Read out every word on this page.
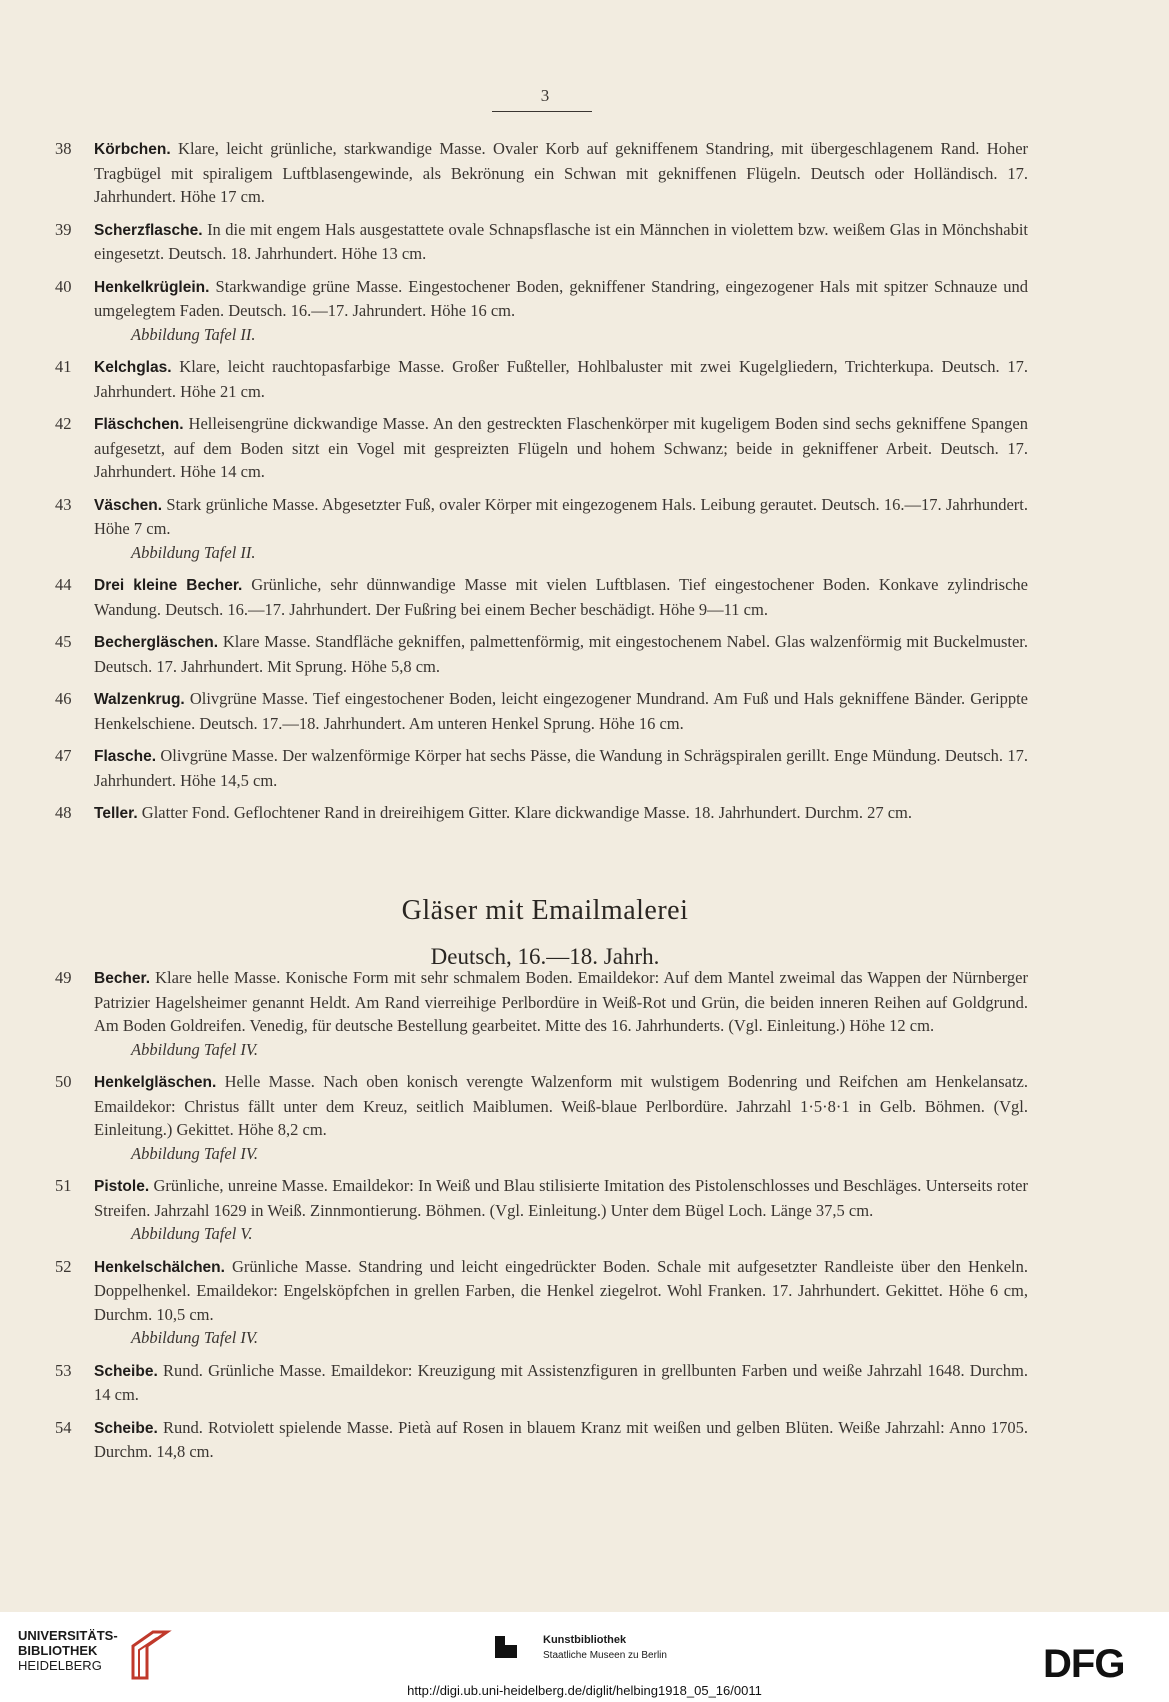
3
38	Körbchen. Klare, leicht grünliche, starkwandige Masse. Ovaler Korb auf gekniffenem Standring, mit übergeschlagenem Rand. Hoher Tragbügel mit spiraligem Luftblasengewinde, als Bekrönung ein Schwan mit gekniffenen Flügeln. Deutsch oder Holländisch. 17. Jahrhundert. Höhe 17 cm.
39	Scherzflasche. In die mit engem Hals ausgestattete ovale Schnapsflasche ist ein Männchen in violettem bzw. weißem Glas in Mönchshabit eingesetzt. Deutsch. 18. Jahrhundert. Höhe 13 cm.
40	Henkelkrüglein. Starkwandige grüne Masse. Eingestochener Boden, gekniffener Standring, eingezogener Hals mit spitzer Schnauze und umgelegtem Faden. Deutsch. 16.—17. Jahrundert. Höhe 16 cm.
Abbildung Tafel II.
41	Kelchglas. Klare, leicht rauchtopasfarbige Masse. Großer Fußteller, Hohlbaluster mit zwei Kugelgliedern, Trichterkupa. Deutsch. 17. Jahrhundert. Höhe 21 cm.
42	Fläschchen. Helleisengrüne dickwandige Masse. An den gestreckten Flaschenkörper mit kugeligem Boden sind sechs gekniffene Spangen aufgesetzt, auf dem Boden sitzt ein Vogel mit gespreizten Flügeln und hohem Schwanz; beide in gekniffener Arbeit. Deutsch. 17. Jahrhundert. Höhe 14 cm.
43	Väschen. Stark grünliche Masse. Abgesetzter Fuß, ovaler Körper mit eingezogenem Hals. Leibung gerautet. Deutsch. 16.—17. Jahrhundert. Höhe 7 cm.
Abbildung Tafel II.
44	Drei kleine Becher. Grünliche, sehr dünnwandige Masse mit vielen Luftblasen. Tief eingestochener Boden. Konkave zylindrische Wandung. Deutsch. 16.—17. Jahrhundert. Der Fußring bei einem Becher beschädigt. Höhe 9—11 cm.
45	Bechergläschen. Klare Masse. Standfläche gekniffen, palmettenförmig, mit eingestochenem Nabel. Glas walzenförmig mit Buckelmuster. Deutsch. 17. Jahrhundert. Mit Sprung. Höhe 5,8 cm.
46	Walzenkrug. Olivgrüne Masse. Tief eingestochener Boden, leicht eingezogener Mundrand. Am Fuß und Hals gekniffene Bänder. Gerippte Henkelschiene. Deutsch. 17.—18. Jahrhundert. Am unteren Henkel Sprung. Höhe 16 cm.
47	Flasche. Olivgrüne Masse. Der walzenförmige Körper hat sechs Pässe, die Wandung in Schrägspiralen gerillt. Enge Mündung. Deutsch. 17. Jahrhundert. Höhe 14,5 cm.
48	Teller. Glatter Fond. Geflochtener Rand in dreireihigem Gitter. Klare dickwandige Masse. 18. Jahrhundert. Durchm. 27 cm.
Gläser mit Emailmalerei
Deutsch, 16.—18. Jahrh.
49	Becher. Klare helle Masse. Konische Form mit sehr schmalem Boden. Emaildekor: Auf dem Mantel zweimal das Wappen der Nürnberger Patrizier Hagelsheimer genannt Heldt. Am Rand vierreihige Perlbordüre in Weiß-Rot und Grün, die beiden inneren Reihen auf Goldgrund. Am Boden Goldreifen. Venedig, für deutsche Bestellung gearbeitet. Mitte des 16. Jahrhunderts. (Vgl. Einleitung.) Höhe 12 cm.
Abbildung Tafel IV.
50	Henkelgläschen. Helle Masse. Nach oben konisch verengte Walzenform mit wulstigem Bodenring und Reifchen am Henkelansatz. Emaildekor: Christus fällt unter dem Kreuz, seitlich Maiblumen. Weiß-blaue Perlbordüre. Jahrzahl 1·5·8·1 in Gelb. Böhmen. (Vgl. Einleitung.) Gekittet. Höhe 8,2 cm.
Abbildung Tafel IV.
51	Pistole. Grünliche, unreine Masse. Emaildekor: In Weiß und Blau stilisierte Imitation des Pistolenschlosses und Beschläges. Unterseits roter Streifen. Jahrzahl 1629 in Weiß. Zinnmontierung. Böhmen. (Vgl. Einleitung.) Unter dem Bügel Loch. Länge 37,5 cm.
Abbildung Tafel V.
52	Henkelschälchen. Grünliche Masse. Standring und leicht eingedrückter Boden. Schale mit aufgesetzter Randleiste über den Henkeln. Doppelhenkel. Emaildekor: Engelsköpfchen in grellen Farben, die Henkel ziegelrot. Wohl Franken. 17. Jahrhundert. Gekittet. Höhe 6 cm, Durchm. 10,5 cm.
Abbildung Tafel IV.
53	Scheibe. Rund. Grünliche Masse. Emaildekor: Kreuzigung mit Assistenzfiguren in grellbunten Farben und weiße Jahrzahl 1648. Durchm. 14 cm.
54	Scheibe. Rund. Rotviolett spielende Masse. Pietà auf Rosen in blauem Kranz mit weißen und gelben Blüten. Weiße Jahrzahl: Anno 1705. Durchm. 14,8 cm.
UNIVERSITÄTS-
BIBLIOTHEK
HEIDELBERG
Kunstbibliothek
Staatliche Museen zu Berlin	DFG
http://digi.ub.uni-heidelberg.de/diglit/helbing1918_05_16/0011
